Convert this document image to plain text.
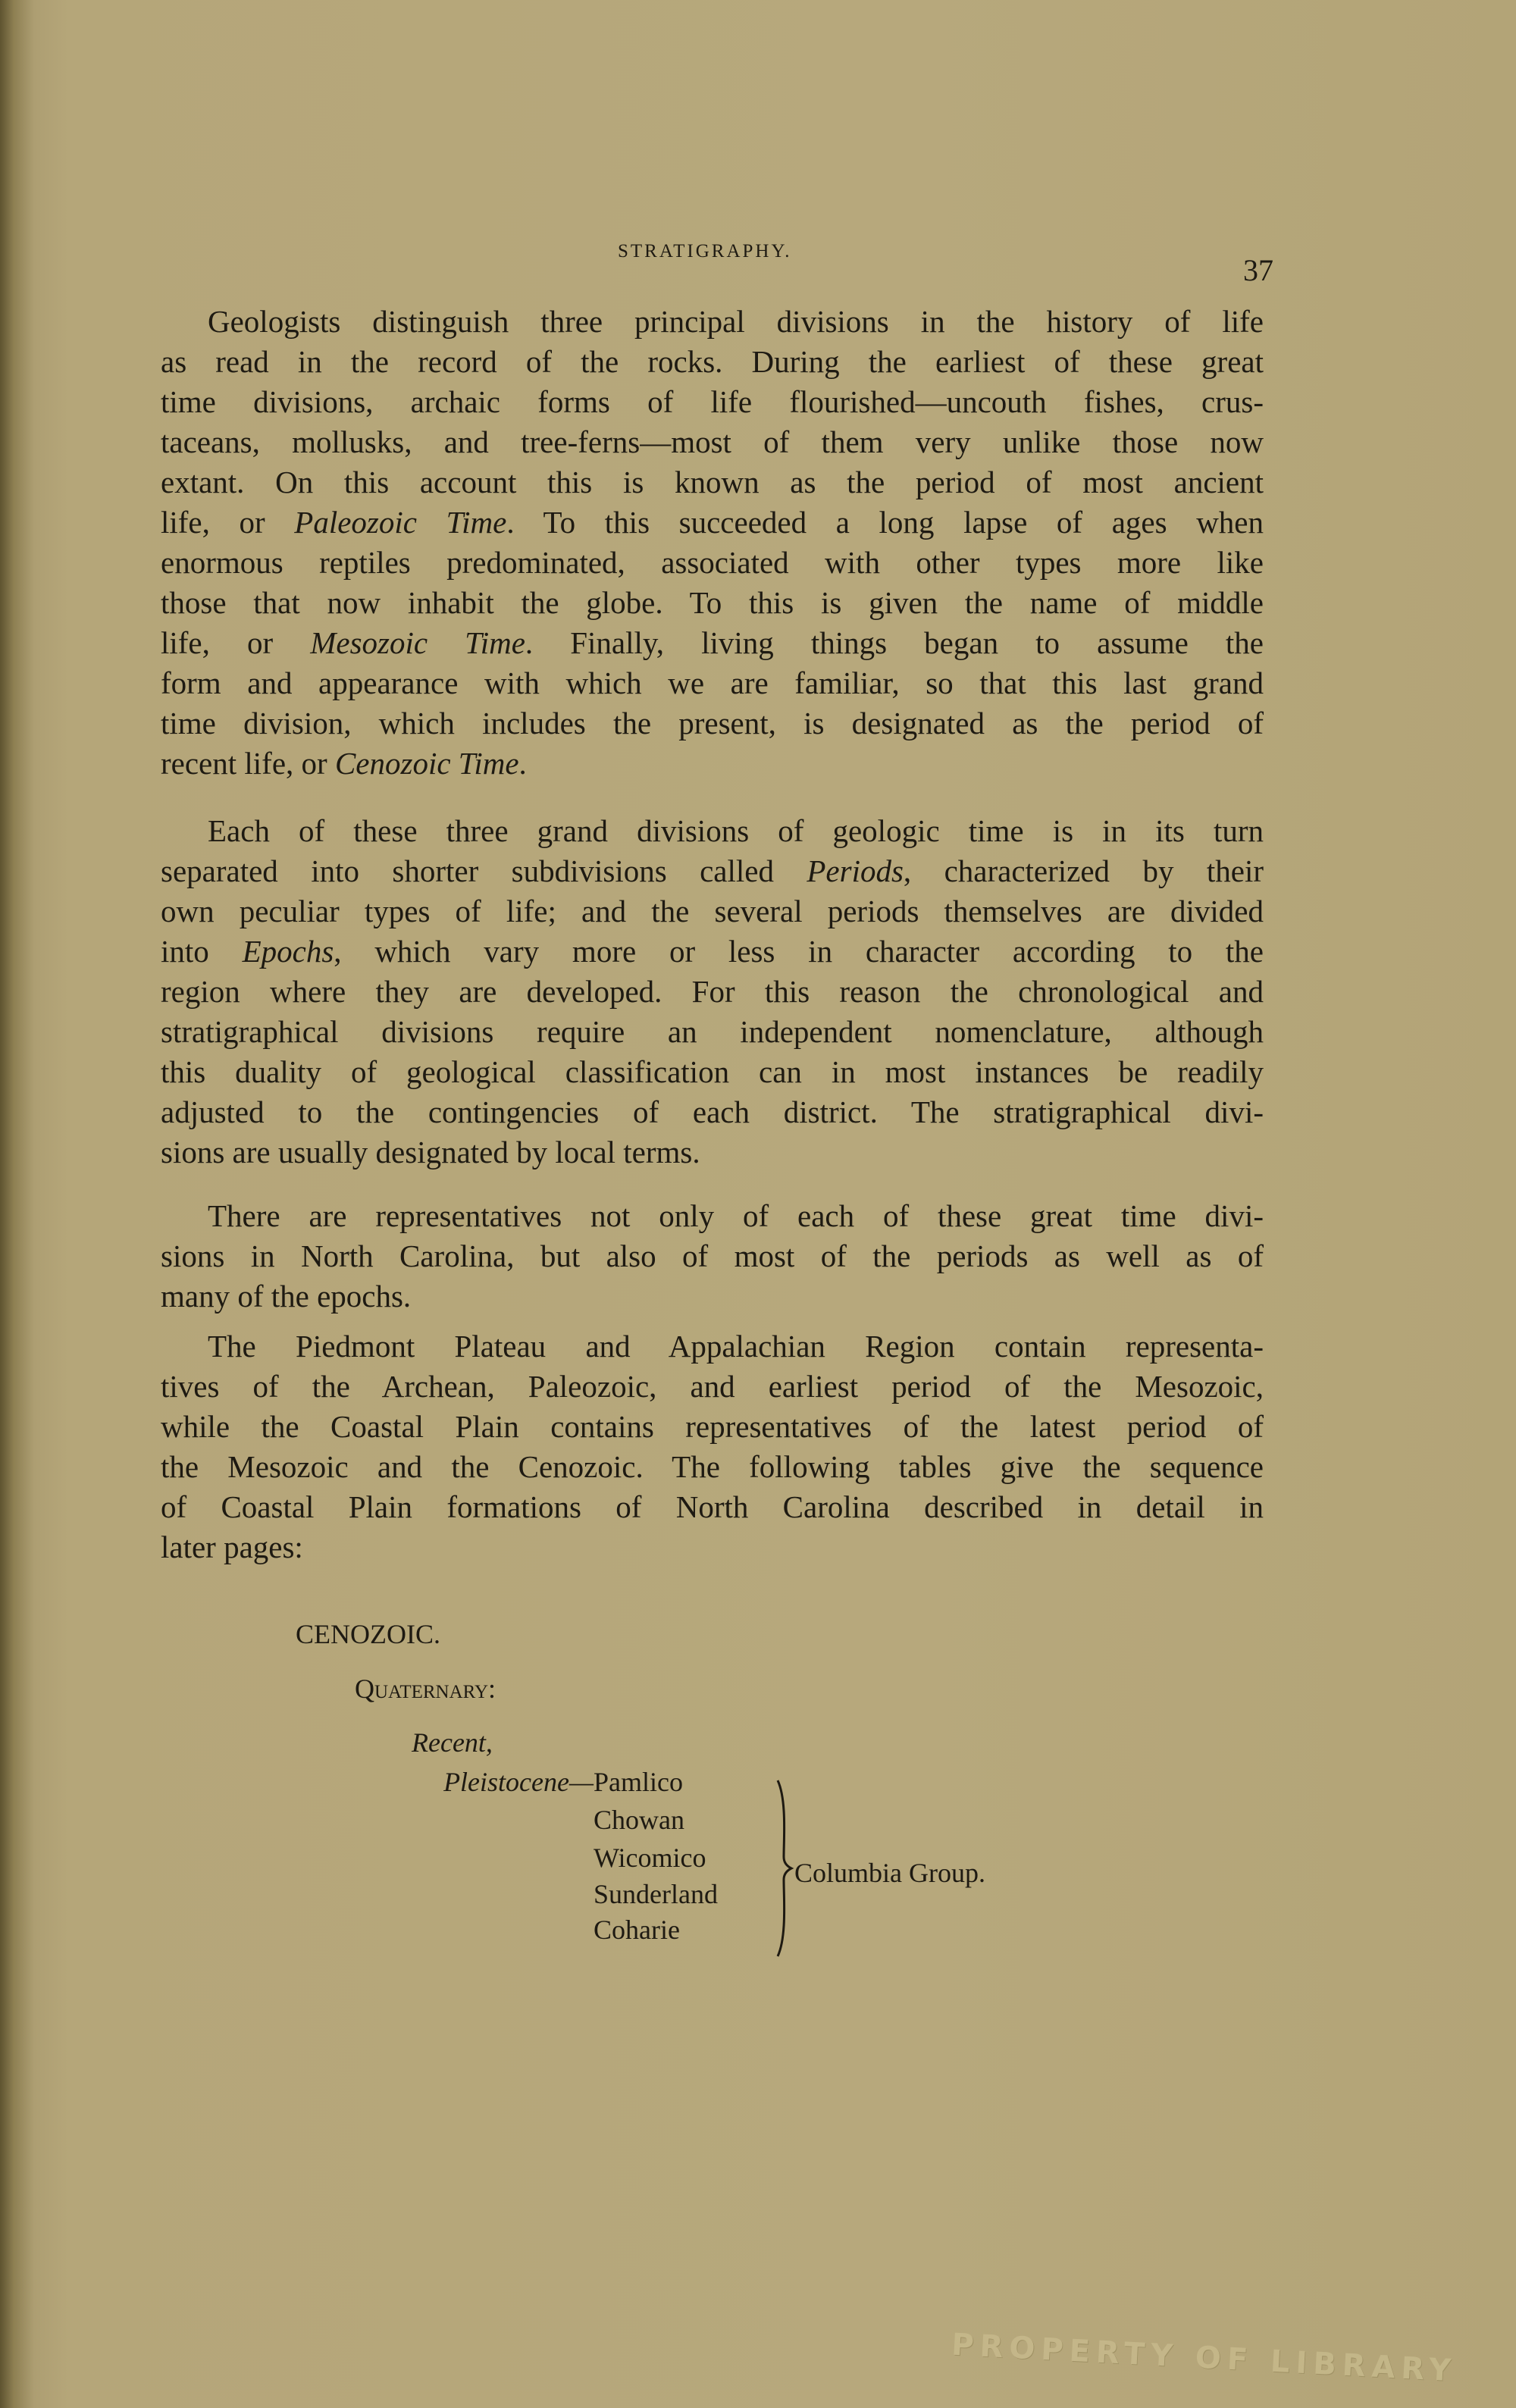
STRATIGRAPHY.
37
Geologists distinguish three principal divisions in the history of life
as read in the record of the rocks. During the earliest of these great
time divisions, archaic forms of life flourished—uncouth fishes, crus-
taceans, mollusks, and tree-ferns—most of them very unlike those now
extant. On this account this is known as the period of most ancient
life, or Paleozoic Time. To this succeeded a long lapse of ages when
enormous reptiles predominated, associated with other types more like
those that now inhabit the globe. To this is given the name of middle
life, or Mesozoic Time. Finally, living things began to assume the
form and appearance with which we are familiar, so that this last grand
time division, which includes the present, is designated as the period of
recent life, or Cenozoic Time.
Each of these three grand divisions of geologic time is in its turn
separated into shorter subdivisions called Periods, characterized by their
own peculiar types of life; and the several periods themselves are divided
into Epochs, which vary more or less in character according to the
region where they are developed. For this reason the chronological and
stratigraphical divisions require an independent nomenclature, although
this duality of geological classification can in most instances be readily
adjusted to the contingencies of each district. The stratigraphical divi-
sions are usually designated by local terms.
There are representatives not only of each of these great time divi-
sions in North Carolina, but also of most of the periods as well as of
many of the epochs.
The Piedmont Plateau and Appalachian Region contain representa-
tives of the Archean, Paleozoic, and earliest period of the Mesozoic,
while the Coastal Plain contains representatives of the latest period of
the Mesozoic and the Cenozoic. The following tables give the sequence
of Coastal Plain formations of North Carolina described in detail in
later pages:
CENOZOIC.
Quaternary:
Recent,
Pleistocene— Pamlico
Chowan
Wicomico
Sunderland
Coharie
Columbia Group.
PROPERTY OF LIBRARY
